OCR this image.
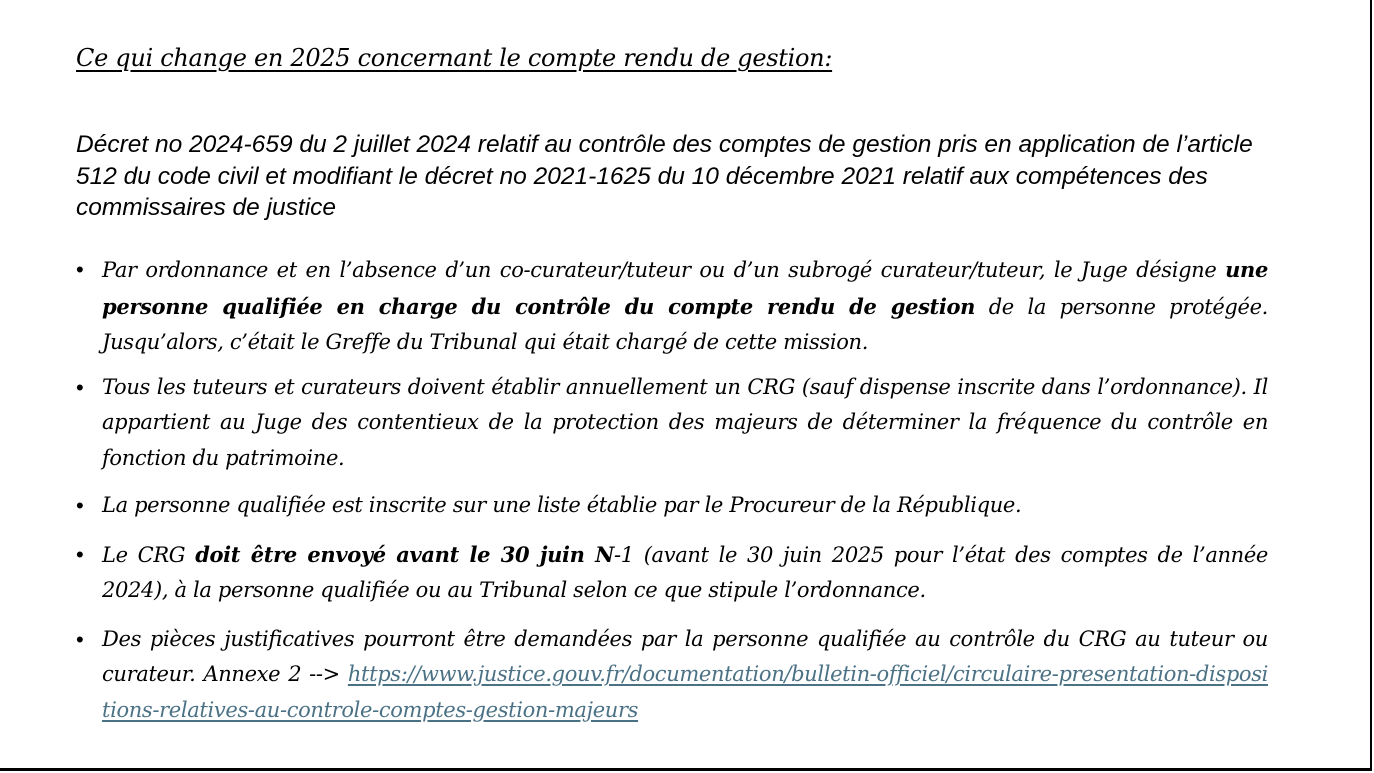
Ce qui change en 2025 concernant le compte rendu de gestion:
Décret no 2024-659 du 2 juillet 2024 relatif au contrôle des comptes de gestion pris en application de l’article 512 du code civil et modifiant le décret no 2021-1625 du 10 décembre 2021 relatif aux compétences des commissaires de justice
• Par ordonnance et en l’absence d’un co-curateur/tuteur ou d’un subrogé curateur/tuteur, le Juge désigne une personne qualifiée en charge du contrôle du compte rendu de gestion de la personne protégée. Jusqu’alors, c’était le Greffe du Tribunal qui était chargé de cette mission.
• Tous les tuteurs et curateurs doivent établir annuellement un CRG (sauf dispense inscrite dans l’ordonnance). Il appartient au Juge des contentieux de la protection des majeurs de déterminer la fréquence du contrôle en fonction du patrimoine.
• La personne qualifiée est inscrite sur une liste établie par le Procureur de la République.
• Le CRG doit être envoyé avant le 30 juin N-1 (avant le 30 juin 2025 pour l’état des comptes de l’année 2024), à la personne qualifiée ou au Tribunal selon ce que stipule l’ordonnance.
• Des pièces justificatives pourront être demandées par la personne qualifiée au contrôle du CRG au tuteur ou curateur. Annexe 2 --> https://www.justice.gouv.fr/documentation/bulletin-officiel/circulaire-presentation-dispositions-relatives-au-controle-comptes-gestion-majeurs
